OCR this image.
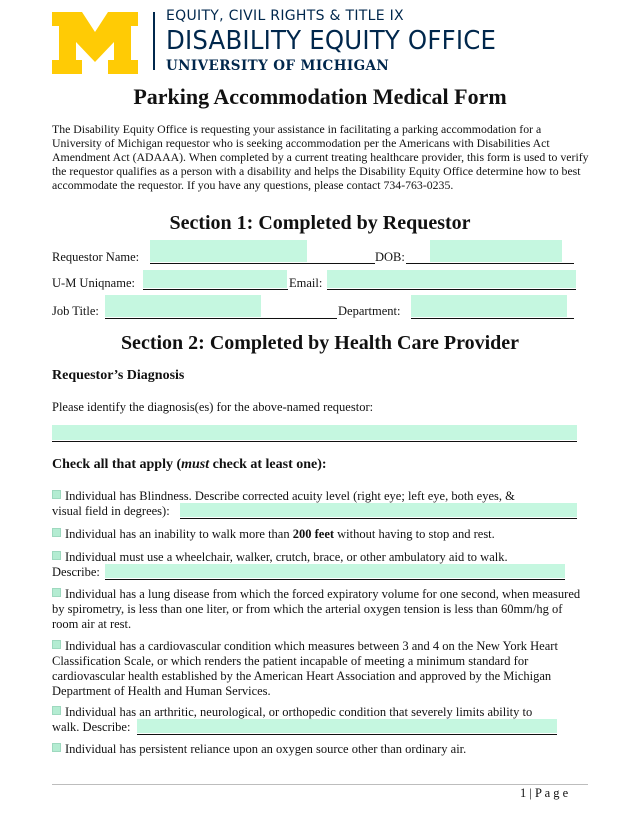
EQUITY, CIVIL RIGHTS & TITLE IX
DISABILITY EQUITY OFFICE
UNIVERSITY OF MICHIGAN
Parking Accommodation Medical Form

The Disability Equity Office is requesting your assistance in facilitating a parking accommodation for a University of Michigan requestor who is seeking accommodation per the Americans with Disabilities Act Amendment Act (ADAAA). When completed by a current treating healthcare provider, this form is used to verify the requestor qualifies as a person with a disability and helps the Disability Equity Office determine how to best accommodate the requestor. If you have any questions, please contact 734-763-0235.

Section 1: Completed by Requestor
Requestor Name:	DOB:
U-M Uniqname:	Email:
Job Title:	Department:
Section 2: Completed by Health Care Provider
Requestor’s Diagnosis
Please identify the diagnosis(es) for the above-named requestor:
Check all that apply (must check at least one):
Individual has Blindness. Describe corrected acuity level (right eye; left eye, both eyes, &
visual field in degrees):
Individual has an inability to walk more than 200 feet without having to stop and rest.
Individual must use a wheelchair, walker, crutch, brace, or other ambulatory aid to walk.
Describe:
Individual has a lung disease from which the forced expiratory volume for one second, when measured by spirometry, is less than one liter, or from which the arterial oxygen tension is less than 60mm/hg of room air at rest.
Individual has a cardiovascular condition which measures between 3 and 4 on the New York Heart Classification Scale, or which renders the patient incapable of meeting a minimum standard for cardiovascular health established by the American Heart Association and approved by the Michigan Department of Health and Human Services.
Individual has an arthritic, neurological, or orthopedic condition that severely limits ability to
walk. Describe:
Individual has persistent reliance upon an oxygen source other than ordinary air.
1 | P a g e
